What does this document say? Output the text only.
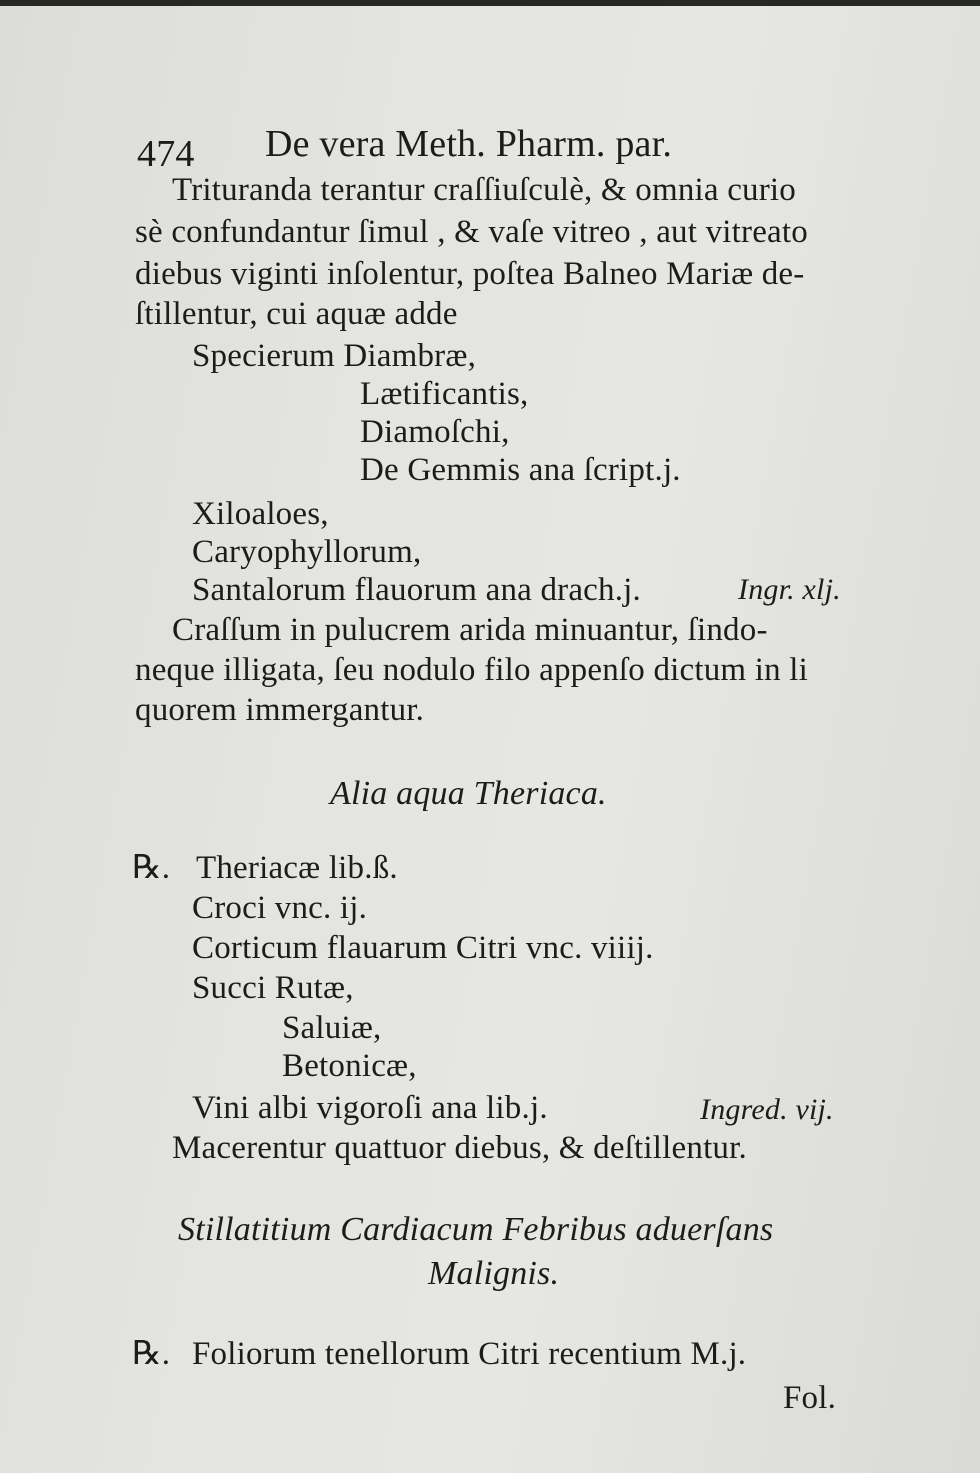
474 De vera Meth. Pharm. par.
Trituranda terantur craſſiuſculè, & omnia curio
sè confundantur ſimul , & vaſe vitreo , aut vitreato
diebus viginti inſolentur, poſtea Balneo Mariæ de-
ſtillentur, cui aquæ adde
Specierum Diambræ,
Lætificantis,
Diamoſchi,
De Gemmis ana ſcript.j.
Xiloaloes,
Caryophyllorum,
Santalorum flauorum ana drach.j.	Ingr. xlj.
Craſſum in pulucrem arida minuantur, ſindo-
neque illigata, ſeu nodulo filo appenſo dictum in li
quorem immergantur.
Alia aqua Theriaca.
℞. Theriacæ lib.ß.
Croci vnc. ij.
Corticum flauarum Citri vnc. viiij.
Succi Rutæ,
Saluiæ,
Betonicæ,
Vini albi vigoroſi ana lib.j.	Ingred. vij.
Macerentur quattuor diebus, & deſtillentur.
Stillatitium Cardiacum Febribus aduerſans
Malignis.
℞. Foliorum tenellorum Citri recentium M.j.
Fol.
